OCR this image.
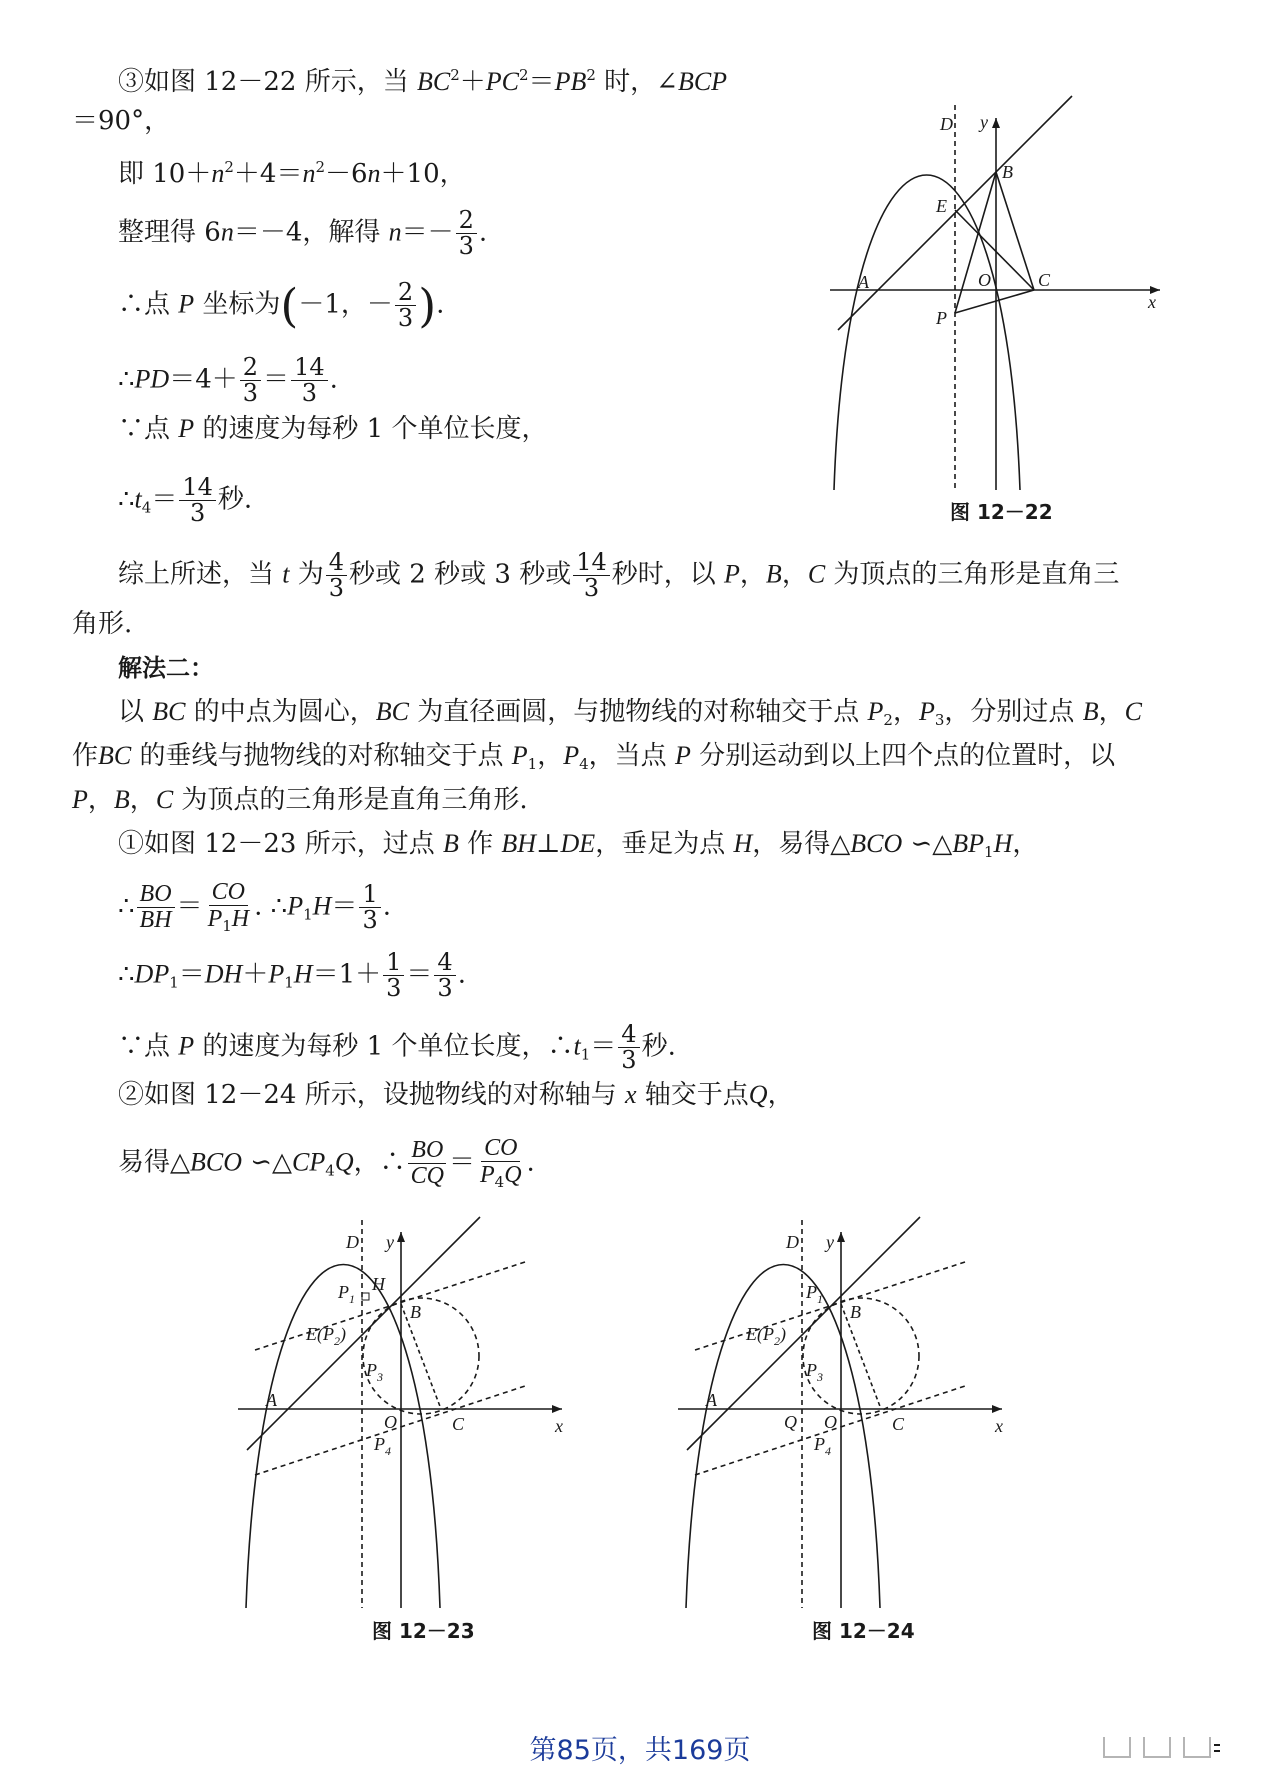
③如图 12－22 所示，当 $BC^2+PC^2=PB^2$ 时，∠BCP
＝90°，
即 $10+n^2+4=n^2-6n+10$，
整理得 6n＝－4，解得 $n=- \frac{2}{3}$ .
∴点 P 坐标为(－1，－ $\frac{2}{3}$ ).
∴PD＝4＋ $\frac{2}{3} = \frac{14}{3}$ .
∵点 P 的速度为每秒 1 个单位长度，
$\therefore t_4= \frac{14}{3}$ 秒.
综上所述，当 t 为 $\frac{4}{3}$ 秒或 2 秒或 3 秒或 $\frac{14}{3}$ 秒时，以 P，B，C 为顶点的三角形是直角三
角形.
解法二：
以 BC 的中点为圆心，BC 为直径画圆，与抛物线的对称轴交于点 $P_2$，$P_3$，分别过点 B，C
作BC 的垂线与抛物线的对称轴交于点 $P_1$，$P_4$，当点 P 分别运动到以上四个点的位置时，以
P，B，C 为顶点的三角形是直角三角形.
①如图 12－23 所示，过点 B 作 BH⊥DE，垂足为点 H，易得△BCO $∽\triangle BP_1H$，
∴ $\frac{BO}{BH} = \frac{CO}{P_1H}$ . $\therefore P_1H= \frac{1}{3}$ .
$\therefore DP_1=DH+P_1H=1+ \frac{1}{3} = \frac{4}{3}$ .
∵点 P 的速度为每秒 1 个单位长度，$\therefore t_1= \frac{4}{3}$ 秒.
②如图 12－24 所示，设抛物线的对称轴与 x 轴交于点Q，
易得△BCO $∽\triangle CP_4Q$，∴ $\frac{BO}{CQ} = \frac{CO}{P_4Q}$ .
D y
B
E
A	O	C
x
P
图 12－22
D y
H
$P_1$
B
$E(P_2)$
$P_3$
A
O	C	x
$P_4$
图 12－23
D y
$P_1$
B
$E(P_2)$
$P_3$
A
Q O	C	x
$P_4$
图 12－24
第85页，共169页
